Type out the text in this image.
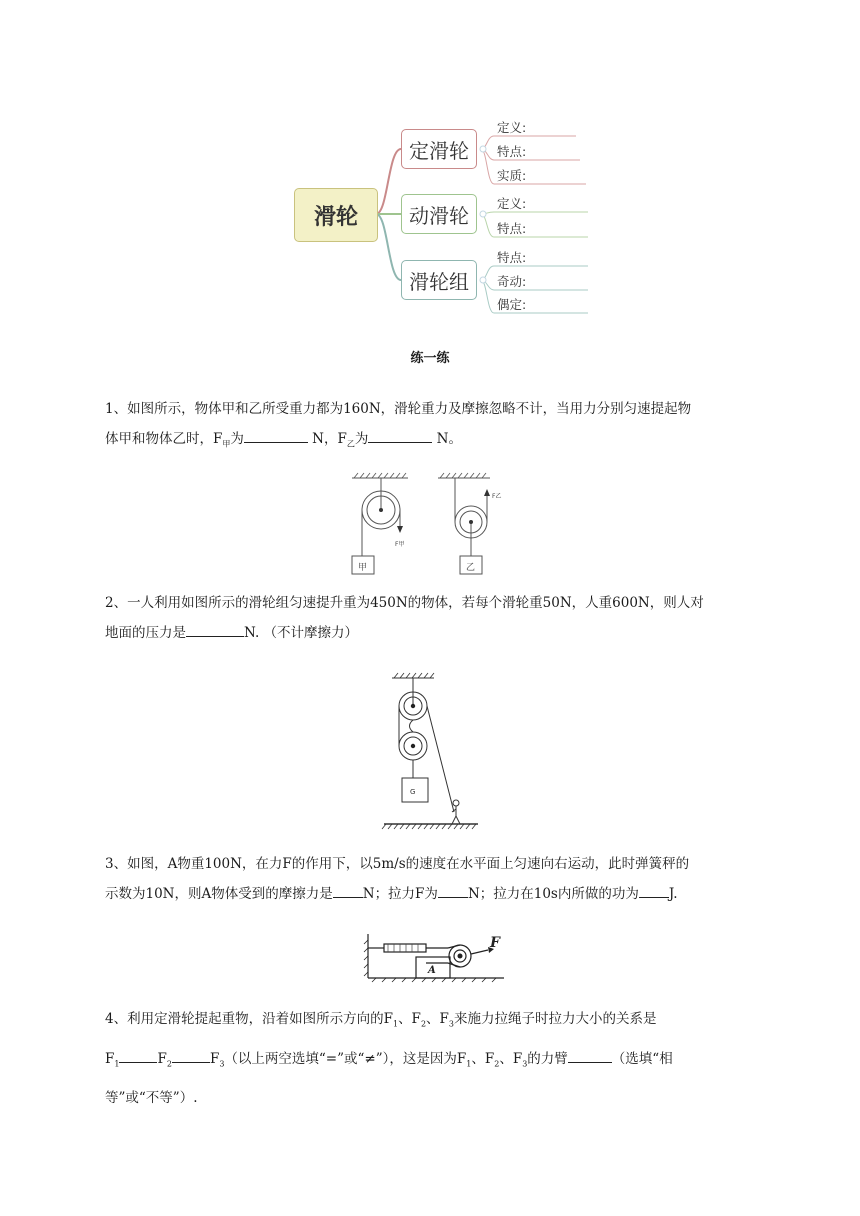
滑轮
定滑轮
动滑轮
滑轮组
定义:
特点:
实质:
定义:
特点:
特点:
奇动:
偶定:
练一练

1、如图所示，物体甲和乙所受重力都为160N，滑轮重力及摩擦忽略不计，当用力分别匀速提起物

体甲和物体乙时，$F_甲$为	N，$F_乙$为	N。

甲
F甲
乙
F乙

2、一人利用如图所示的滑轮组匀速提升重为450N的物体，若每个滑轮重50N，人重600N，则人对

地面的压力是	N. （不计摩擦力）

G

3、如图，A物重100N，在力F的作用下，以5m/s的速度在水平面上匀速向右运动，此时弹簧秤的

示数为10N，则A物体受到的摩擦力是 N；拉力F为 N；拉力在10s内所做的功为 J.

A
F

4、利用定滑轮提起重物，沿着如图所示方向的$F_1$、$F_2$、$F_3$来施力拉绳子时拉力大小的关系是

$F_1$	$F_2$	$F_3$（以上两空选填“=”或“≠”），这是因为$F_1$、$F_2$、$F_3$的力臂	（选填“相

等”或“不等”）.
